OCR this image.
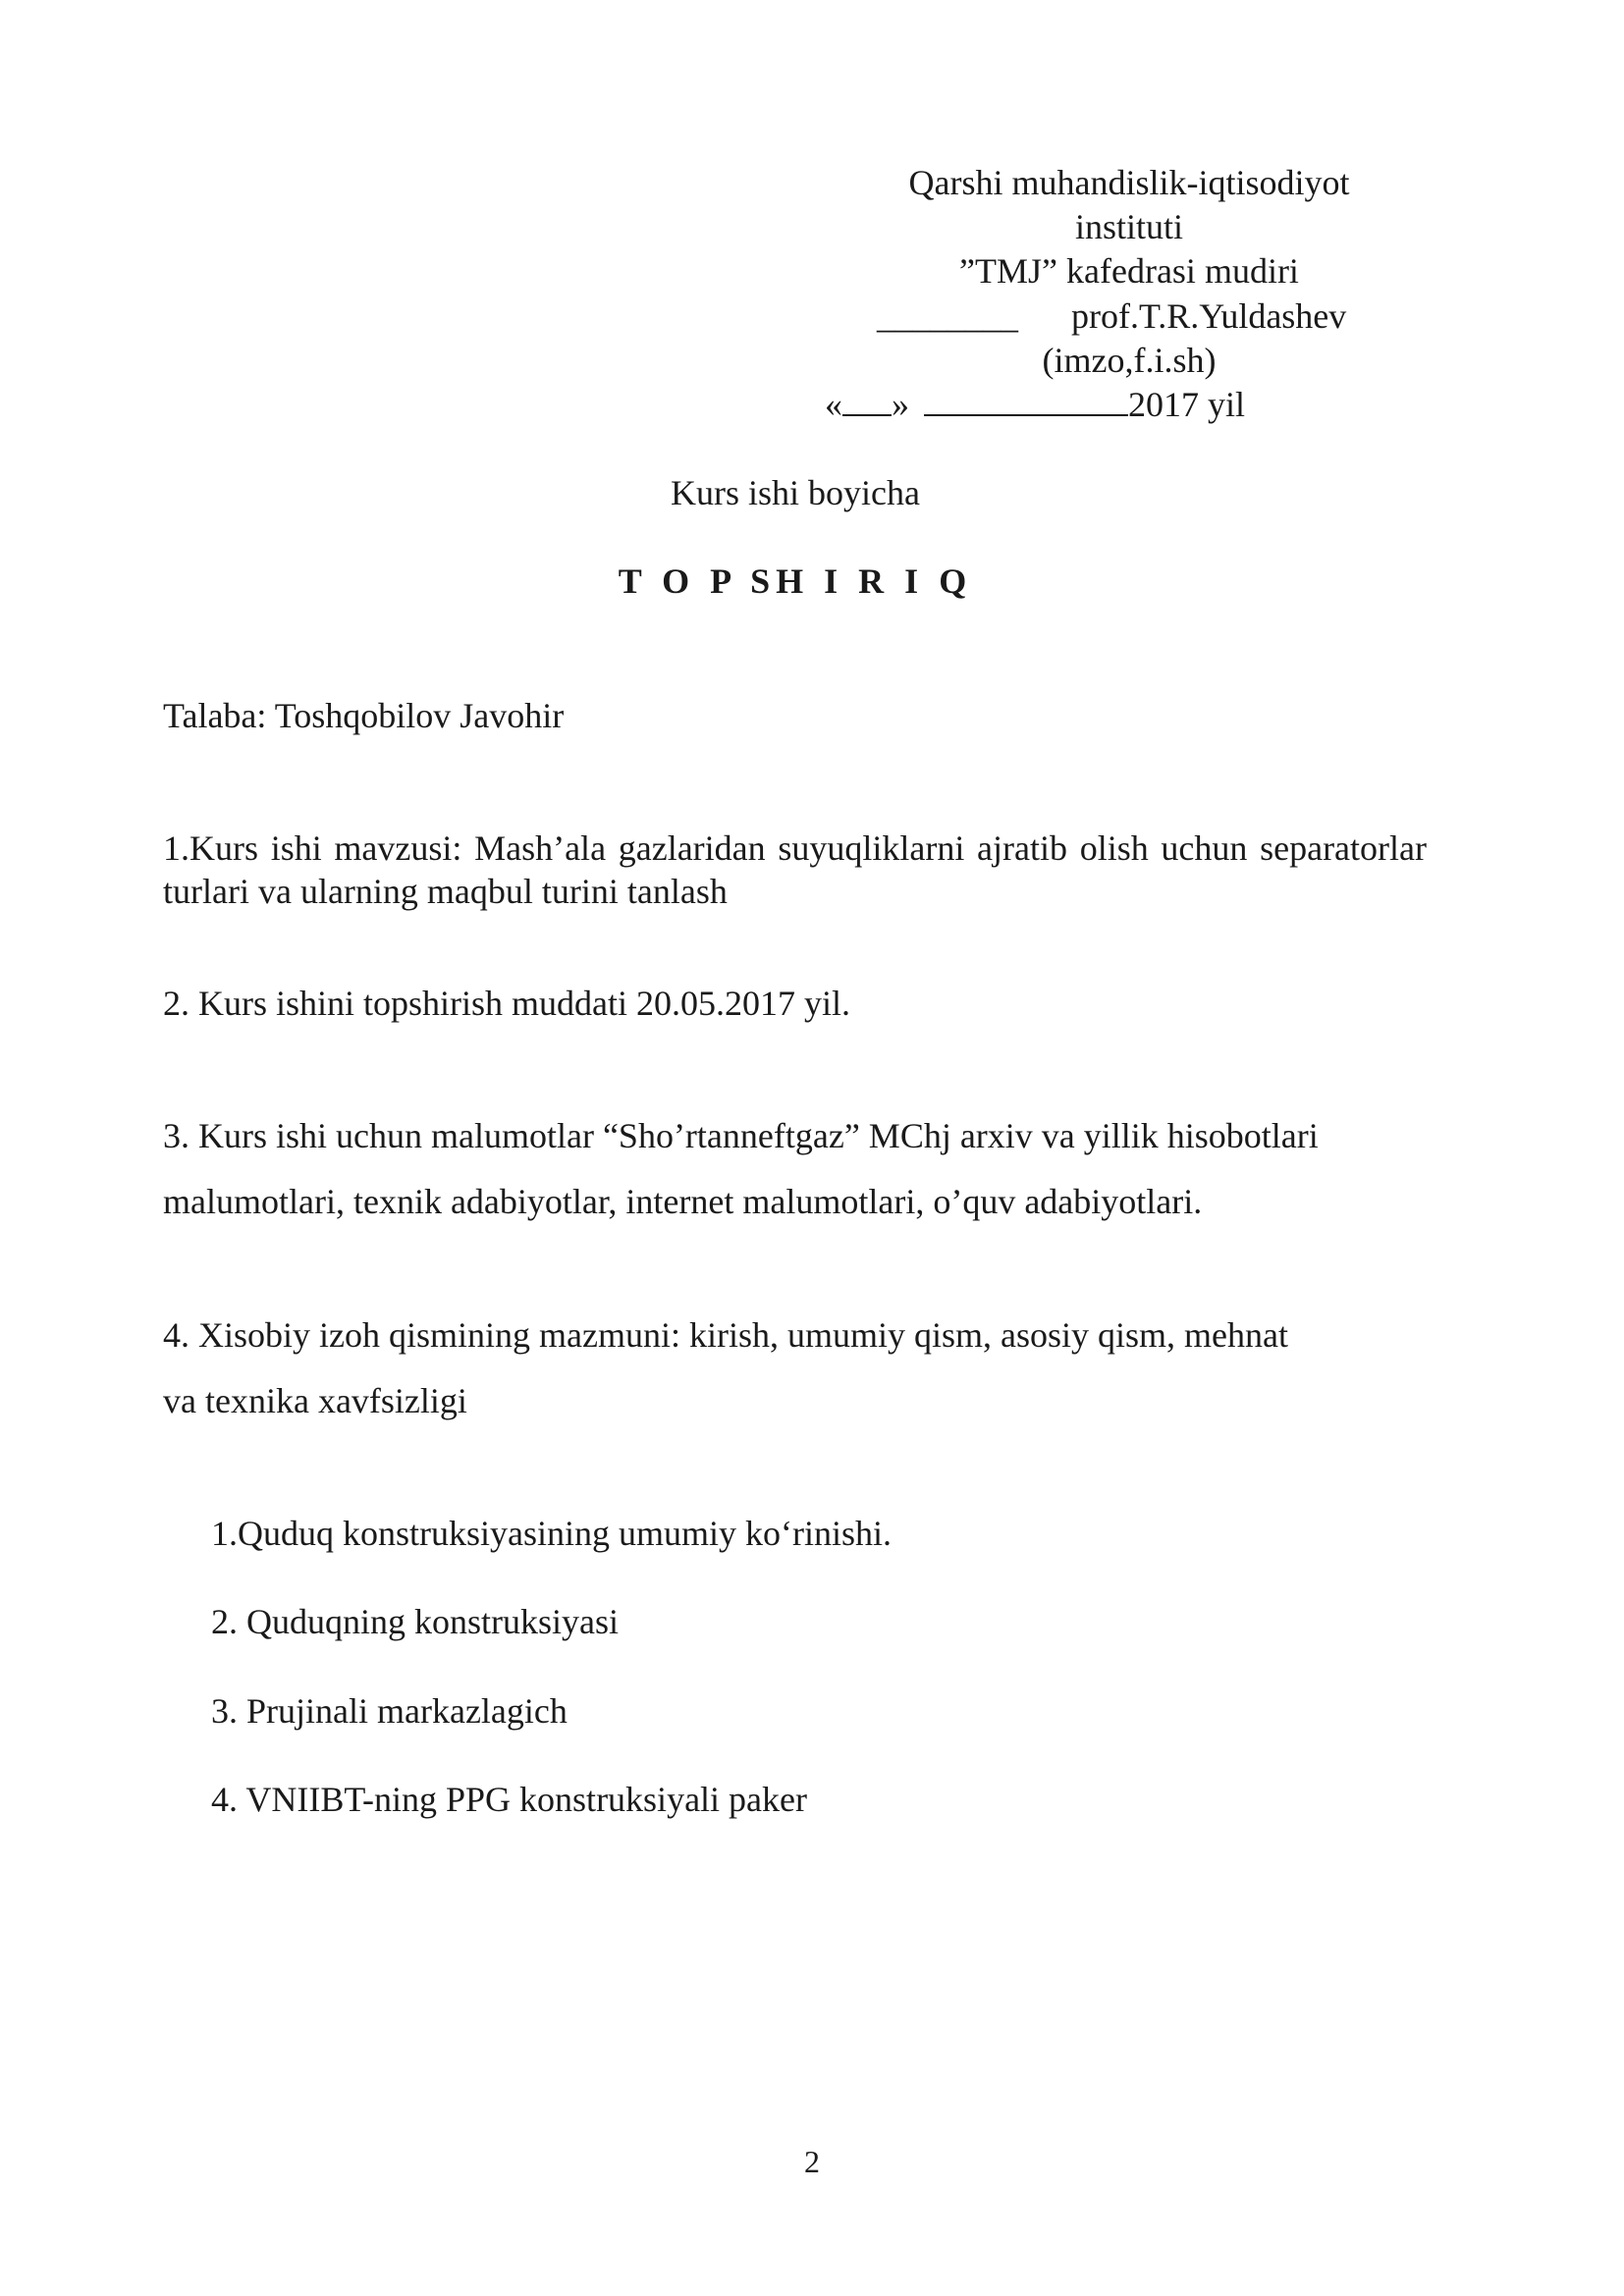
Qarshi muhandislik-iqtisodiyot
instituti
”TMJ” kafedrasi mudiri
________ prof.T.R.Yuldashev
(imzo,f.i.sh)
« »	2017 yil
Kurs ishi boyicha
T O P SH I R I Q
Talaba: Toshqobilov Javohir
1.Kurs ishi mavzusi: Mash’ala gazlaridan suyuqliklarni ajratib olish uchun separatorlar turlari va ularning maqbul turini tanlash
2. Kurs ishini topshirish muddati 20.05.2017 yil.
3. Kurs ishi uchun malumotlar “Sho’rtanneftgaz” MChj arxiv va yillik hisobotlari
malumotlari, texnik adabiyotlar, internet malumotlari, o’quv adabiyotlari.
4. Xisobiy izoh qismining mazmuni: kirish, umumiy qism, asosiy qism, mehnat
va texnika xavfsizligi
1.Quduq konstruksiyasining umumiy ko‘rinishi.
2. Quduqning konstruksiyasi
3. Prujinali markazlagich
4. VNIIBT-ning PPG konstruksiyali paker
2
